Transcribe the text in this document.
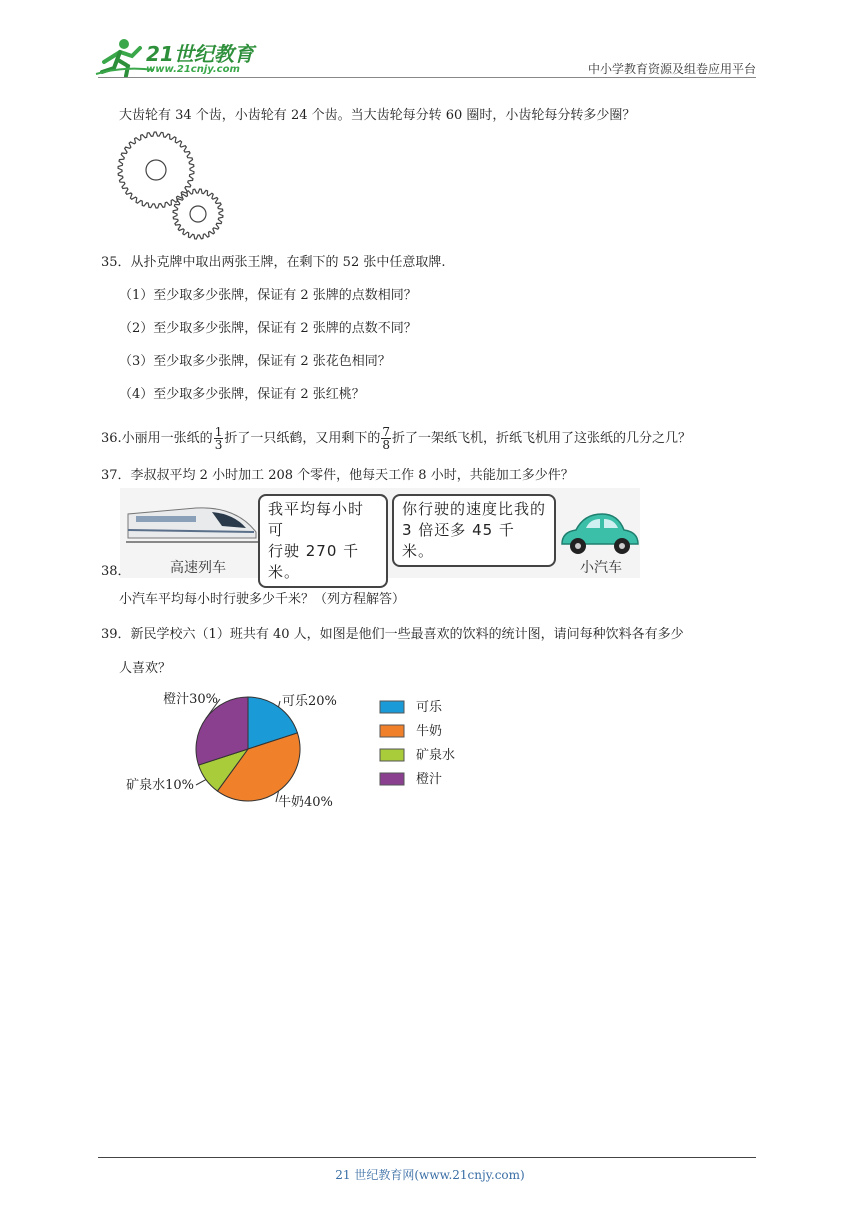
21世纪教育
www.21cnjy.com	中小学教育资源及组卷应用平台
大齿轮有 34 个齿，小齿轮有 24 个齿。当大齿轮每分转 60 圈时，小齿轮每分转多少圈？
35．从扑克牌中取出两张王牌，在剩下的 52 张中任意取牌.
（1）至少取多少张牌，保证有 2 张牌的点数相同？
（2）至少取多少张牌，保证有 2 张牌的点数不同？
（3）至少取多少张牌，保证有 2 张花色相同？
（4）至少取多少张牌，保证有 2 张红桃？
36.小丽用一张纸的 $\frac{1}{3}$ 折了一只纸鹤，又用剩下的 $\frac{7}{8}$ 折了一架纸飞机，折纸飞机用了这张纸的几分之几？
37．李叔叔平均 2 小时加工 208 个零件，他每天工作 8 小时，共能加工多少件？
高速列车
我平均每小时可
行驶 270 千米。
你行驶的速度比我的
3 倍还多 45 千米。
小汽车
38．
小汽车平均每小时行驶多少千米？（列方程解答）
39．新民学校六（1）班共有 40 人，如图是他们一些最喜欢的饮料的统计图，请问每种饮料各有多少
人喜欢？
可乐20%
牛奶40%
矿泉水10%
橙汁30%
可乐
牛奶
矿泉水
橙汁
21 世纪教育网(www.21cnjy.com)
